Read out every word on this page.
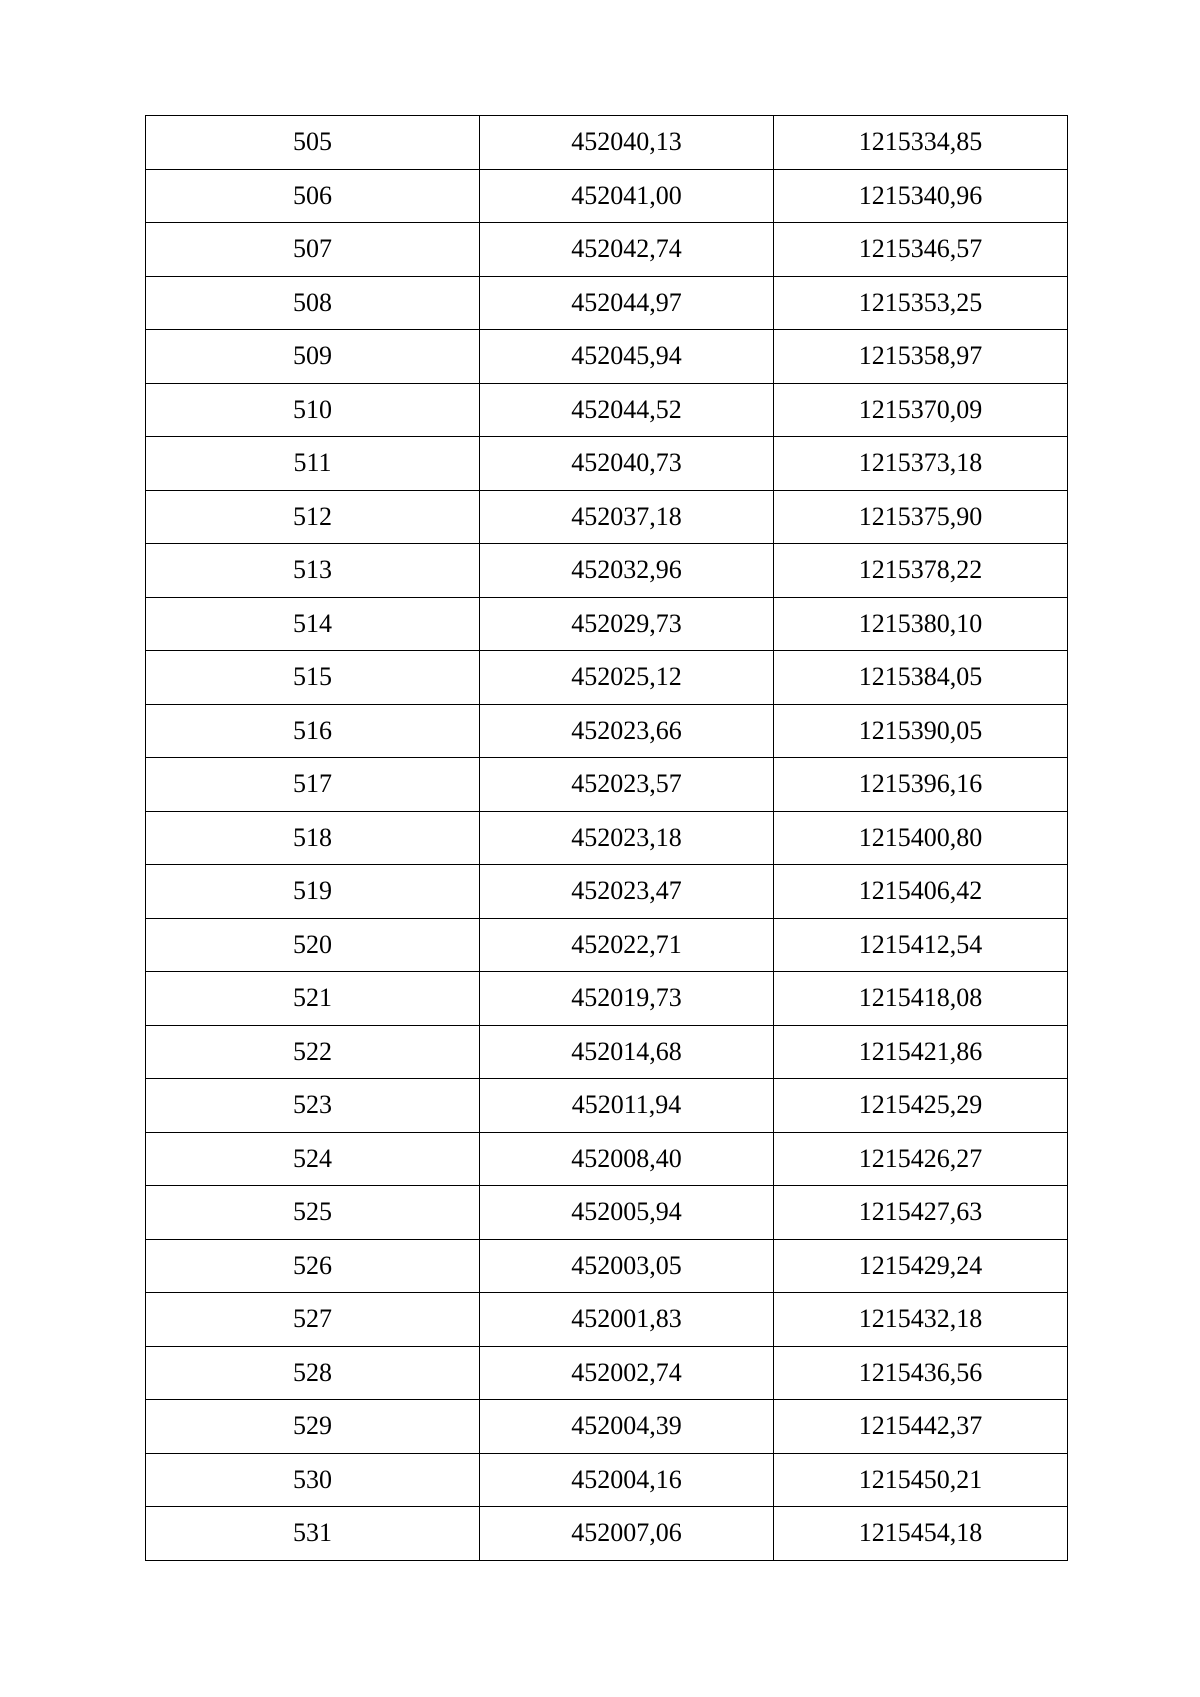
505	452040,13	1215334,85
506	452041,00	1215340,96
507	452042,74	1215346,57
508	452044,97	1215353,25
509	452045,94	1215358,97
510	452044,52	1215370,09
511	452040,73	1215373,18
512	452037,18	1215375,90
513	452032,96	1215378,22
514	452029,73	1215380,10
515	452025,12	1215384,05
516	452023,66	1215390,05
517	452023,57	1215396,16
518	452023,18	1215400,80
519	452023,47	1215406,42
520	452022,71	1215412,54
521	452019,73	1215418,08
522	452014,68	1215421,86
523	452011,94	1215425,29
524	452008,40	1215426,27
525	452005,94	1215427,63
526	452003,05	1215429,24
527	452001,83	1215432,18
528	452002,74	1215436,56
529	452004,39	1215442,37
530	452004,16	1215450,21
531	452007,06	1215454,18
